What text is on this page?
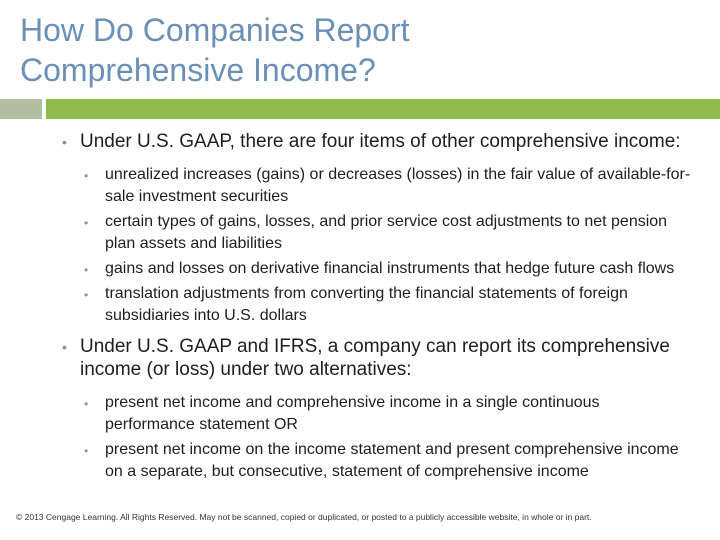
How Do Companies Report
Comprehensive Income?

• Under U.S. GAAP, there are four items of other comprehensive income:

• unrealized increases (gains) or decreases (losses) in the fair value of available-for-sale investment securities

• certain types of gains, losses, and prior service cost adjustments to net pension plan assets and liabilities

• gains and losses on derivative financial instruments that hedge future cash flows

• translation adjustments from converting the financial statements of foreign subsidiaries into U.S. dollars

• Under U.S. GAAP and IFRS, a company can report its comprehensive income (or loss) under two alternatives:

• present net income and comprehensive income in a single continuous performance statement OR

• present net income on the income statement and present comprehensive income on a separate, but consecutive, statement of comprehensive income

© 2013 Cengage Learning. All Rights Reserved. May not be scanned, copied or duplicated, or posted to a publicly accessible website, in whole or in part.
